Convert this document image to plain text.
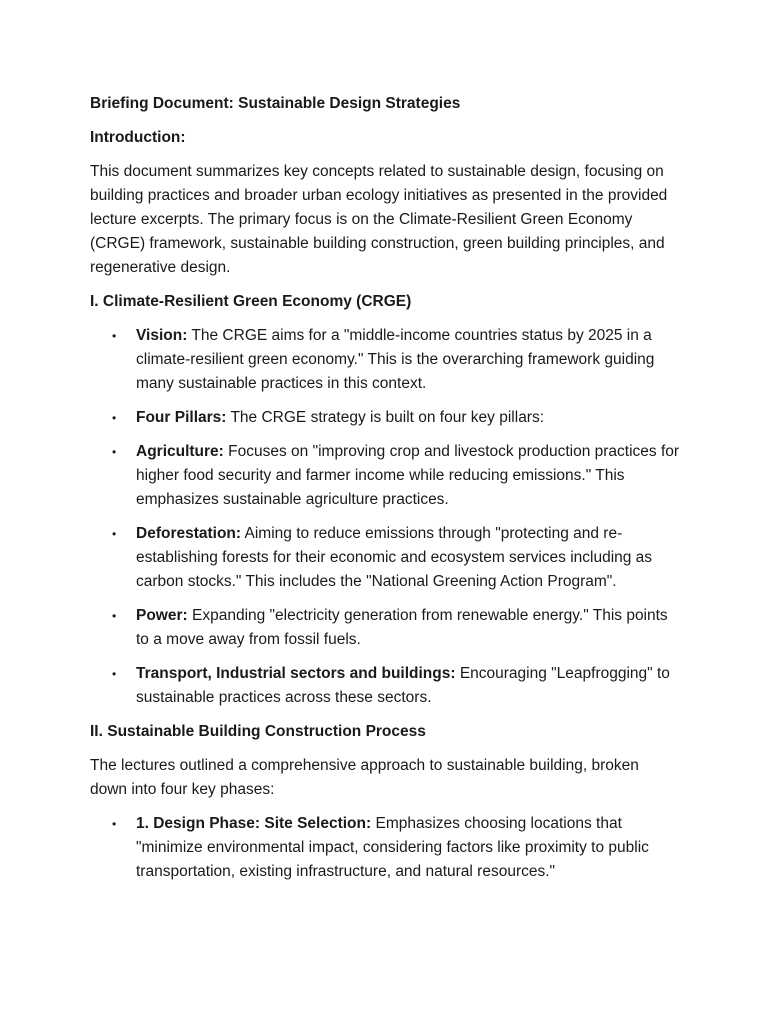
Briefing Document: Sustainable Design Strategies

Introduction:

This document summarizes key concepts related to sustainable design, focusing on building practices and broader urban ecology initiatives as presented in the provided lecture excerpts. The primary focus is on the Climate-Resilient Green Economy (CRGE) framework, sustainable building construction, green building principles, and regenerative design.

I. Climate-Resilient Green Economy (CRGE)

• Vision: The CRGE aims for a "middle-income countries status by 2025 in a climate-resilient green economy." This is the overarching framework guiding many sustainable practices in this context.
• Four Pillars: The CRGE strategy is built on four key pillars:
• Agriculture: Focuses on "improving crop and livestock production practices for higher food security and farmer income while reducing emissions." This emphasizes sustainable agriculture practices.
• Deforestation: Aiming to reduce emissions through "protecting and re-establishing forests for their economic and ecosystem services including as carbon stocks." This includes the "National Greening Action Program".
• Power: Expanding "electricity generation from renewable energy." This points to a move away from fossil fuels.
• Transport, Industrial sectors and buildings: Encouraging "Leapfrogging" to sustainable practices across these sectors.

II. Sustainable Building Construction Process

The lectures outlined a comprehensive approach to sustainable building, broken down into four key phases:

• 1. Design Phase: Site Selection: Emphasizes choosing locations that "minimize environmental impact, considering factors like proximity to public transportation, existing infrastructure, and natural resources."
